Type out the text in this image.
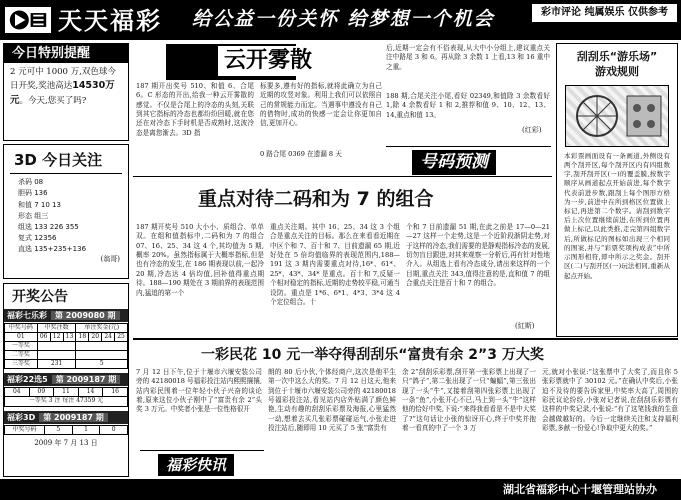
天天福彩 给公益一份关怀 给梦想一个机会	彩市评论 纯属娱乐 仅供参考
今日特别提醒
2 元可中 1000 万,双色球今日开奖,奖池高达14530万元。今天,您买了吗?
3D 今日关注
杀码 08
胆码 136
和值 7 10 13
形态 组三
组选 133 226 355
复式 12356
直选 135+235+136
(翁哥)
开奖公告
福彩七乐彩 第 2009080 期
中奖号码	中奖注数			单注奖金(元)			
01	06	12	13	18	20	24	25
一等奖							
二等奖							
三等奖	231			5			
福彩22选5 第 2009187 期
04	09	11	14	16
一等奖 3 注 每注 47359 元
福彩3D 第 2009187 期
中奖号码	5	1	0
2009 年 7 月 13 日
云开雾散
187 期开出奖号 510、和值 6、合尾 6。C 形态的开出,给我一种云开雾散的感觉。不仅是合尾上的冷态的头刻,关联到其它指标的冷态也都纷纷回暖,就在您还在对冷态下手时机是否成熟时,这波冷态是离您渐去。3D 指
标要多,遵有好的指标,就将此确立为自己近期的攻竖对象。利用上我们可以依照自己的常规能力而定。当遇事中遵没有自己的借物时,成功的快感一定会让你更加自信,更加开心。
0 路合尾 0369 在遗漏 8 天
后,近期一定会有不俗表现,从大中小分组上,建议重点关注中路尾 3 和 6。再从除 3 余数 1 上看,13 和 16 重中之重。
188 期,合尾关注小尾,看好 02349,和值除 3 余数看好 1,除 4 余数看好 1 和 2,推荐和值 9、10、12、13、14,重点和值 13。
(红彩)
号码预测
重点对待二码和为 7 的组合
187 期开奖号 510 大小小、质组合、单单双。在组和值指标中,二码和为 7 的组合 07、16、25、34 这 4 个,其均值为 5 期,概率 20%。虽然指标属于大概率指标,但是也有冷态的发生,在 186 期表现以前,一起冷 20 期,冷态达 4 倍均值,回补值得重点期待。188—190 期处在 3 期前界的表现范围内,猛追的第一个
重点关注期。其中 16、25、34 这 3 个组合是重点关注的目标。那么在来看看近期在中区个和 7、百十和 7、目前遗漏 65 期,近好处在 5 倍均值临界的表现范围内,188—191 这 3 期内需要重点对待,16*、61*、25*、43*、34* 是重点。百十和 7,反疑一个相对稳定的指标,近期的走势较平稳,可通当设防。重点是 1*6、6*1、4*3、3*4 这 4 个定位组合。十
个和 7 目前遗漏 51 期,在此之前是 17—0—21—27 这样一个走势,这是一个近阶段渐阴走势,对于这样的冷态,我们需要的是静观指标冷态的发展,切勿盲目跟进,对其来观察一分析后,再有针对性地介入。从组选上看有冷态成分,请出来这样的一个目期,重点关注 343,值得注意的是,直和值 7 的组合重点关注是百十和 7 的组合。
(紅斯)
刮刮乐“游乐场”
游戏规则
本彩票画面设有一条画道,外侧设有两个刮开区,每个刮开区内有四组数字,刮开刮开区(一)的覆盖膜,按数字顺序从画道起点开始前进,每个数字代表前进步数,跟刮上每个图形方格为一步,前进中在所到格区位置做上标记,再进第二个数字。请刮到数字后上次位置继续前进,在所到位置再做上标记,以此类推,走完第四组数字后,所做标记的图标如出现三个相同的图案,并与“彩票奖项构成表”中所示图形相符,即中所示之奖金。刮开区(二)与刮开区(一)玩法相同,重新从起点开始。
一彩民花 10 元一举夺得刮刮乐“富贵有余 2”3 万大奖
7 月 12 日下午,位于十堰市六堰安装公司旁的 42180018 号福彩投注站内熙熙攘攘,站内彩民围着一位年轻小伙子兴奋的谈论着,原来这位小伙子刚中了“富贵有余 2”头奖 3 万元。中奖者小张是一位性格很开
朗的 80 后小伙,个体经商户,这次是他平生第一次中这么大的奖。7 月 12 日这天,他来到位于十堰市六堰安装公司旁的 42180018 号福彩投注站,看见站内店外贴满了颜色鲜艳,生动有趣的刮刮乐彩票及海报,心里猛然一动,想着去买几张彩票碰碰运气,小张走进投注站后,随即用 10 元买了 5 张“富贵有
余 2”刮刮乐彩票,刮开第一张彩票上出现了一只“鸽子”,第二张出现了一只“蝙蝠”,第三张出现了一头“牛”,又接着刮第四张彩票上出现了一条“鱼”,小张开心不已,马上到一头“牛”这样他的恰好中奖,下说:“来得我看看是不是中大奖了?”这句话让小张的惊讶开心,终于中奖并抱着一看真的中了一个 3 万
元,就对小张说:“这张票中了大奖了,而且你 5 张彩票就中了 30102 元。”在确认中奖后,小张迫不及待的要告诉家里,中奖率大高了,周围的彩民议论纷纷,小张对记者说,在刮刮乐彩票有这样的中奖记录,小张说:“有了这笔钱我的生意会越做越好的。今后一定继续关注和支持福利彩票,多献一份爱心!争取中更大的奖。”
福彩快讯
湖北省福彩中心十堰管理站协办
